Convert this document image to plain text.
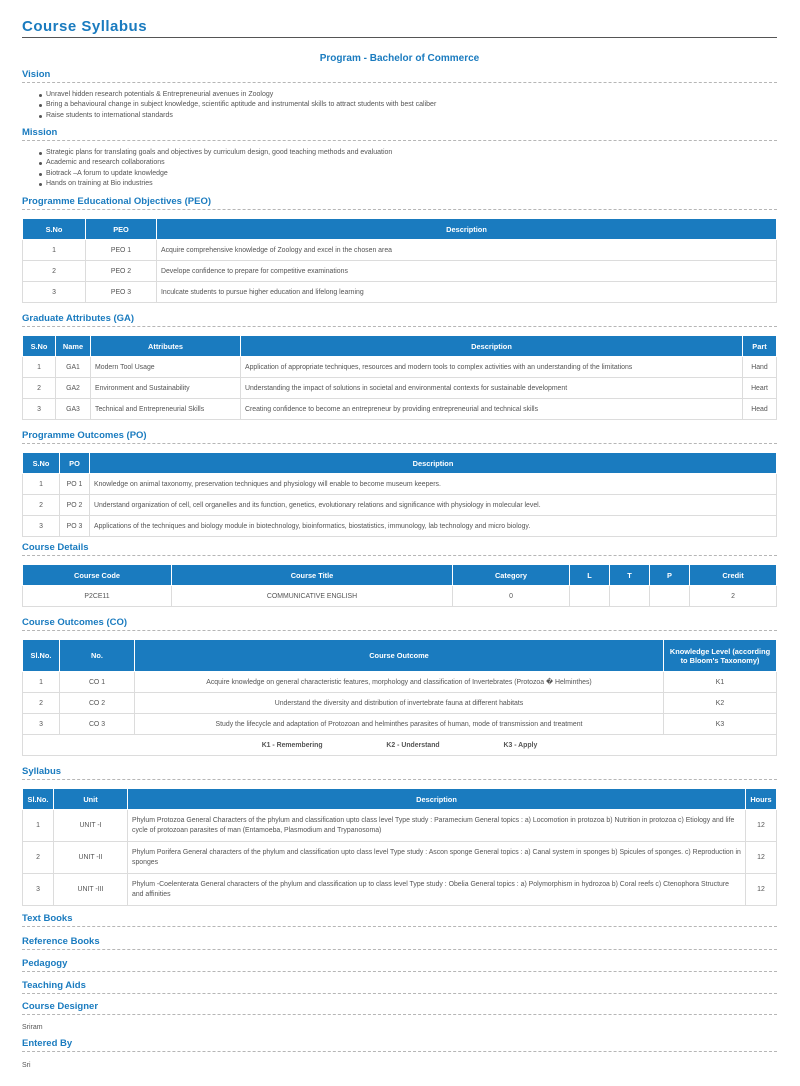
Course Syllabus
Program - Bachelor of Commerce
Vision
Unravel hidden research potentials & Entrepreneurial avenues in Zoology
Bring a behavioural change in subject knowledge, scientific aptitude and instrumental skills to attract students with best caliber
Raise students to international standards
Mission
Strategic plans for translating goals and objectives by curriculum design, good teaching methods and evaluation
Academic and research collaborations
Biotrack –A forum to update knowledge
Hands on training at Bio industries
Programme Educational Objectives (PEO)
S.No	PEO	Description
1	PEO 1	Acquire comprehensive knowledge of Zoology and excel in the chosen area
2	PEO 2	Develope confidence to prepare for competitive examinations
3	PEO 3	Inculcate students to pursue higher education and lifelong learning
Graduate Attributes (GA)
S.No	Name	Attributes	Description	Part
1	GA1	Modern Tool Usage	Application of appropriate techniques, resources and modern tools to complex activities with an understanding of the limitations	Hand
2	GA2	Environment and Sustainability	Understanding the impact of solutions in societal and environmental contexts for sustainable development	Heart
3	GA3	Technical and Entrepreneurial Skills	Creating confidence to become an entrepreneur by providing entrepreneurial and technical skills	Head
Programme Outcomes (PO)
S.No	PO	Description
1	PO 1	Knowledge on animal taxonomy, preservation techniques and physiology will enable to become museum keepers.
2	PO 2	Understand organization of cell, cell organelles and its function, genetics, evolutionary relations and significance with physiology in molecular level.
3	PO 3	Applications of the techniques and biology module in biotechnology, bioinformatics, biostatistics, immunology, lab technology and micro biology.
Course Details
Course Code	Course Title	Category	L	T	P	Credit
P2CE11	COMMUNICATIVE ENGLISH	0				2
Course Outcomes (CO)
Sl.No.	No.	Course Outcome	Knowledge Level (according to Bloom's Taxonomy)
1	CO 1	Acquire knowledge on general characteristic features, morphology and classification of Invertebrates (Protozoa � Helminthes)	K1
2	CO 2	Understand the diversity and distribution of invertebrate fauna at different habitats	K2
3	CO 3	Study the lifecycle and adaptation of Protozoan and helminthes parasites of human, mode of transmission and treatment	K3
K1 - Remembering K2 - Understand K3 - Apply			
Syllabus
Sl.No.	Unit	Description	Hours
1	UNIT -I	Phylum Protozoa General Characters of the phylum and classification upto class level Type study : Paramecium General topics : a) Locomotion in protozoa b) Nutrition in protozoa c) Etiology and life cycle of protozoan parasites of man (Entamoeba, Plasmodium and Trypanosoma)	12
2	UNIT -II	Phylum Porifera General characters of the phylum and classification upto class level Type study : Ascon sponge General topics : a) Canal system in sponges b) Spicules of sponges. c) Reproduction in sponges	12
3	UNIT -III	Phylum -Coelenterata General characters of the phylum and classification up to class level Type study : Obelia General topics : a) Polymorphism in hydrozoa b) Coral reefs c) Ctenophora Structure and affinities	12
Text Books
Reference Books
Pedagogy
Teaching Aids
Course Designer
Sriram
Entered By
Sri
